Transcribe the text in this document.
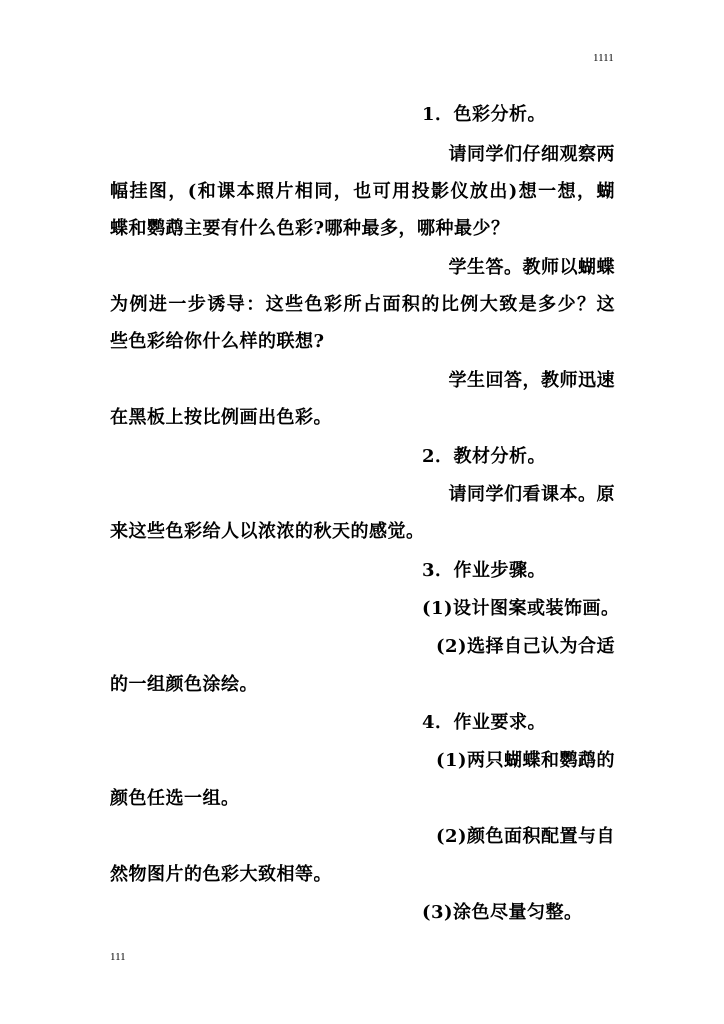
1111
1．色彩分析。
请同学们仔细观察两
幅挂图，(和课本照片相同，也可用投影仪放出)想一想，蝴
蝶和鹦鹉主要有什么色彩?哪种最多，哪种最少？
学生答。教师以蝴蝶
为例进一步诱导：这些色彩所占面积的比例大致是多少？这
些色彩给你什么样的联想?
学生回答，教师迅速
在黑板上按比例画出色彩。
2．教材分析。
请同学们看课本。原
来这些色彩给人以浓浓的秋天的感觉。
3．作业步骤。
(1)设计图案或装饰画。
(2)选择自己认为合适
的一组颜色涂绘。
4．作业要求。
(1)两只蝴蝶和鹦鹉的
颜色任选一组。
(2)颜色面积配置与自
然物图片的色彩大致相等。
(3)涂色尽量匀整。
111
